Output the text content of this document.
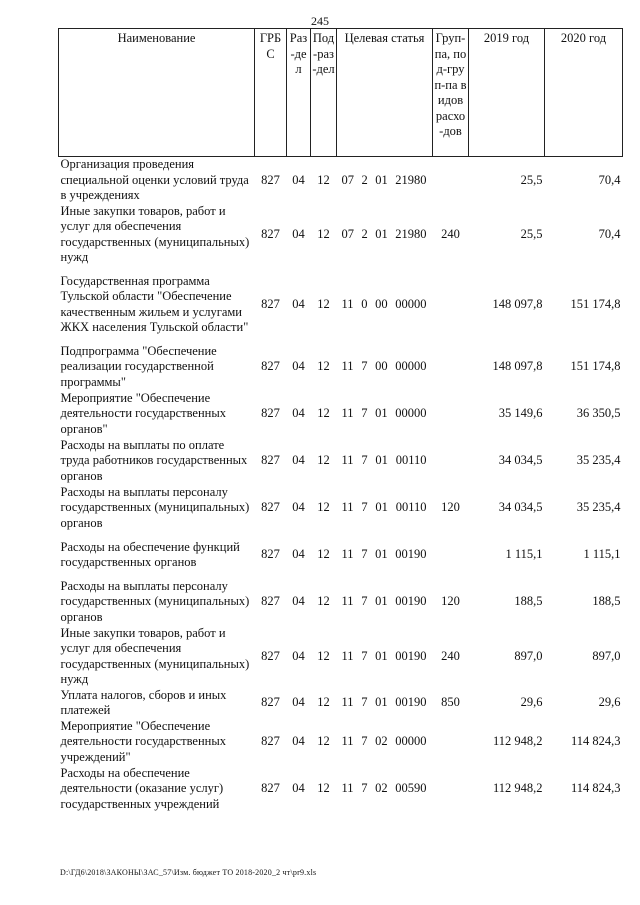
245
Наименование	ГРБ С	Раз-дел	Под-раз-дел	Целевая статья	Груп-па, под-груп-па видов расхо-дов	2019 год	2020 год
Организация проведения специальной оценки условий труда в учреждениях	827	04	12	07 2 01 21980		25,5	70,4
Иные закупки товаров, работ и услуг для обеспечения государственных (муниципальных) нужд	827	04	12	07 2 01 21980	240	25,5	70,4
Государственная программа Тульской области "Обеспечение качественным жильем и услугами ЖКХ населения Тульской области"	827	04	12	11 0 00 00000		148 097,8	151 174,8
Подпрограмма "Обеспечение реализации государственной программы"	827	04	12	11 7 00 00000		148 097,8	151 174,8
Мероприятие "Обеспечение деятельности государственных органов"	827	04	12	11 7 01 00000		35 149,6	36 350,5
Расходы на выплаты по оплате труда работников государственных органов	827	04	12	11 7 01 00110		34 034,5	35 235,4
Расходы на выплаты персоналу государственных (муниципальных) органов	827	04	12	11 7 01 00110	120	34 034,5	35 235,4
Расходы на обеспечение функций государственных органов	827	04	12	11 7 01 00190		1 115,1	1 115,1
Расходы на выплаты персоналу государственных (муниципальных) органов	827	04	12	11 7 01 00190	120	188,5	188,5
Иные закупки товаров, работ и услуг для обеспечения государственных (муниципальных) нужд	827	04	12	11 7 01 00190	240	897,0	897,0
Уплата налогов, сборов и иных платежей	827	04	12	11 7 01 00190	850	29,6	29,6
Мероприятие "Обеспечение деятельности государственных учреждений"	827	04	12	11 7 02 00000		112 948,2	114 824,3
Расходы на обеспечение деятельности (оказание услуг) государственных учреждений	827	04	12	11 7 02 00590		112 948,2	114 824,3
D:\ГД6\2018\ЗАКОНЫ\ЗАС_57\Изм. бюджет ТО 2018-2020_2 чт\pr9.xls
